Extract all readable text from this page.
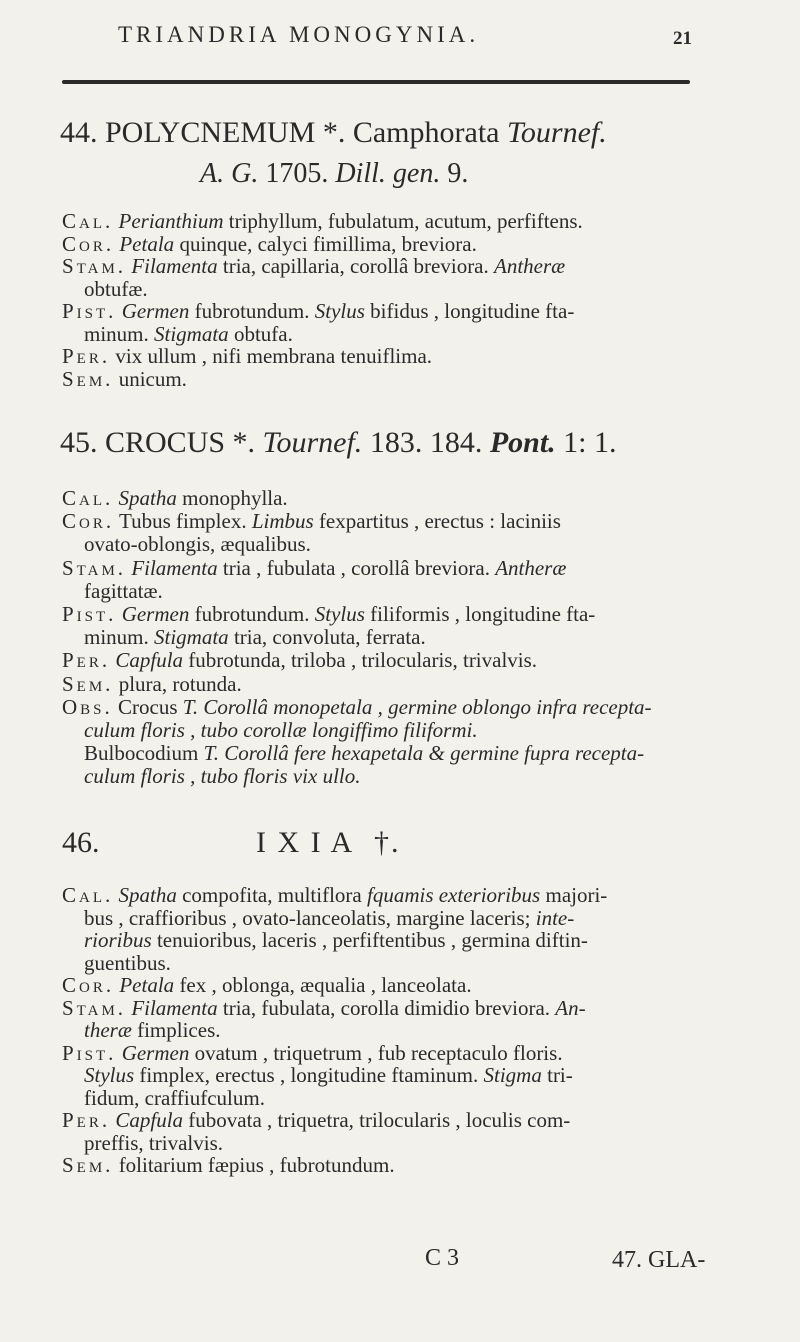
TRIANDRIA MONOGYNIA.	21
44. POLYCNEMUM *. Camphorata Tournef.
A. G. 1705. Dill. gen. 9.
Cal. Perianthium triphyllum, fubulatum, acutum, perfiftens.
Cor. Petala quinque, calyci fimillima, breviora.
Stam. Filamenta tria, capillaria, corollâ breviora. Antheræ
obtufæ.
Pist. Germen fubrotundum. Stylus bifidus , longitudine fta-
minum. Stigmata obtufa.
Per. vix ullum , nifi membrana tenuiflima.
Sem. unicum.
45. CROCUS *. Tournef. 183. 184. Pont. 1: 1.
Cal. Spatha monophylla.
Cor. Tubus fimplex. Limbus fexpartitus , erectus : laciniis
ovato-oblongis, æqualibus.
Stam. Filamenta tria , fubulata , corollâ breviora. Antheræ
fagittatæ.
Pist. Germen fubrotundum. Stylus filiformis , longitudine fta-
minum. Stigmata tria, convoluta, ferrata.
Per. Capfula fubrotunda, triloba , trilocularis, trivalvis.
Sem. plura, rotunda.
Obs. Crocus T. Corollâ monopetala , germine oblongo infra recepta-
culum floris , tubo corollæ longiffimo filiformi.
Bulbocodium T. Corollâ fere hexapetala & germine fupra recepta-
culum floris , tubo floris vix ullo.
46.	I X I A †.
Cal. Spatha compofita, multiflora fquamis exterioribus majori-
bus , craffioribus , ovato-lanceolatis, margine laceris; inte-
rioribus tenuioribus, laceris , perfiftentibus , germina diftin-
guentibus.
Cor. Petala fex , oblonga, æqualia , lanceolata.
Stam. Filamenta tria, fubulata, corolla dimidio breviora. An-
theræ fimplices.
Pist. Germen ovatum , triquetrum , fub receptaculo floris.
Stylus fimplex, erectus , longitudine ftaminum. Stigma tri-
fidum, craffiufculum.
Per. Capfula fubovata , triquetra, trilocularis , loculis com-
preffis, trivalvis.
Sem. folitarium fæpius , fubrotundum.
C 3	47. GLA-
